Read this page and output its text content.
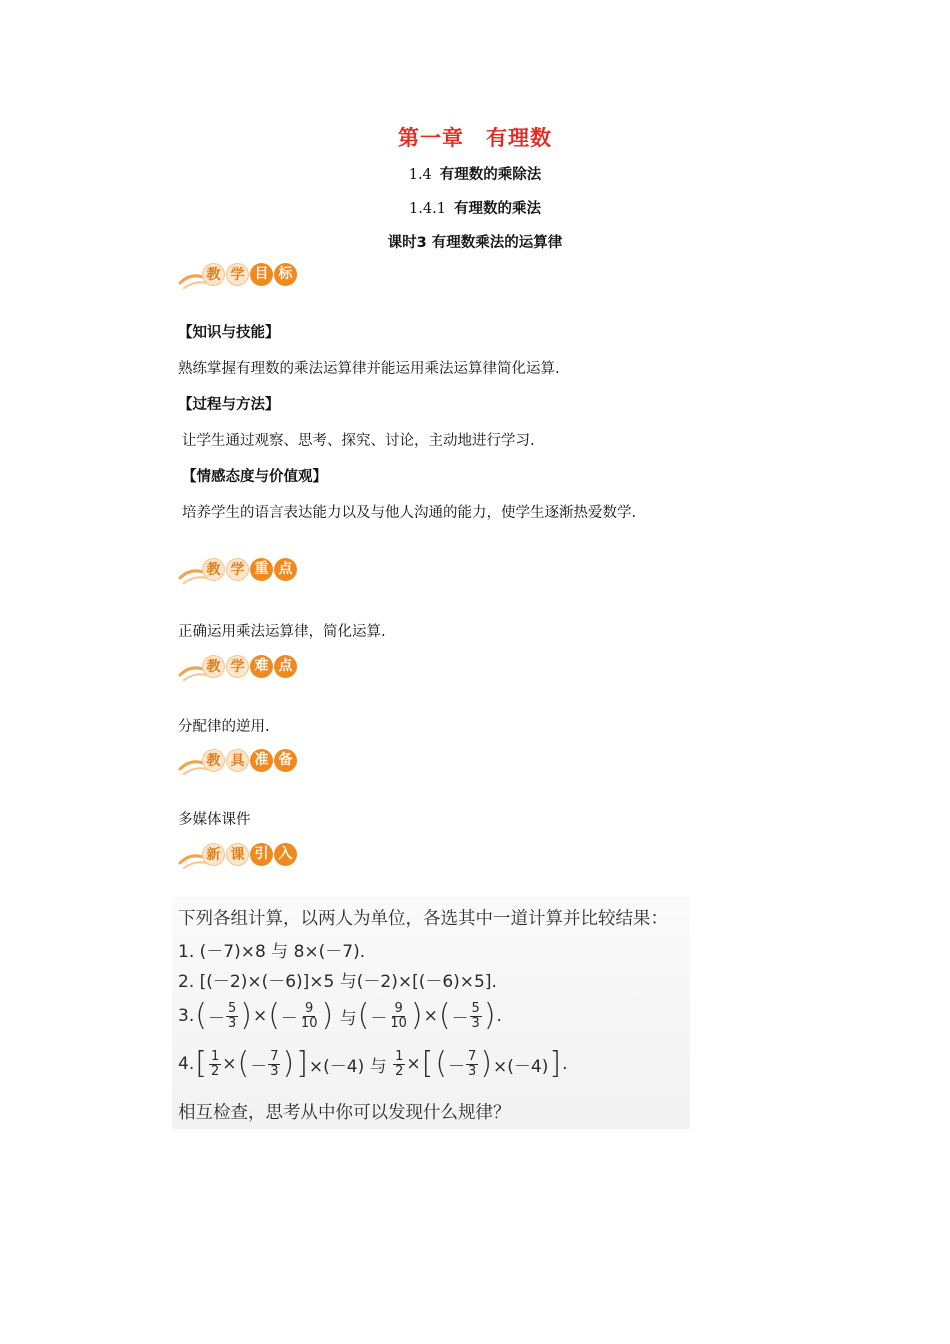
第一章　有理数
1.4 有理数的乘除法
1.4.1 有理数的乘法
课时3 有理数乘法的运算律
教 学 目 标
【知识与技能】
熟练掌握有理数的乘法运算律并能运用乘法运算律简化运算.
【过程与方法】
让学生通过观察、思考、探究、讨论，主动地进行学习.
【情感态度与价值观】
培养学生的语言表达能力以及与他人沟通的能力，使学生逐渐热爱数学.
教 学 重 点
正确运用乘法运算律，简化运算.
教 学 难 点
分配律的逆用.
教 具 准 备
多媒体课件
新 课 引 入
下列各组计算，以两人为单位，各选其中一道计算并比较结果：
1. (－7)×8 与 8×(－7).
2. [(－2)×(－6)]×5 与(－2)×[(－6)×5].
3. ( － $\frac{5}{3}$ ) × ( － $\frac{9}{10}$ ) 与 ( － $\frac{9}{10}$ ) × ( － $\frac{5}{3}$ ) .
4. [ $\frac{1}{2}$ × ( － $\frac{7}{3}$ ) ] ×(－4) 与 $\frac{1}{2}$ × [ ( － $\frac{7}{3}$ ) ×(－4) ] .
相互检查，思考从中你可以发现什么规律？
